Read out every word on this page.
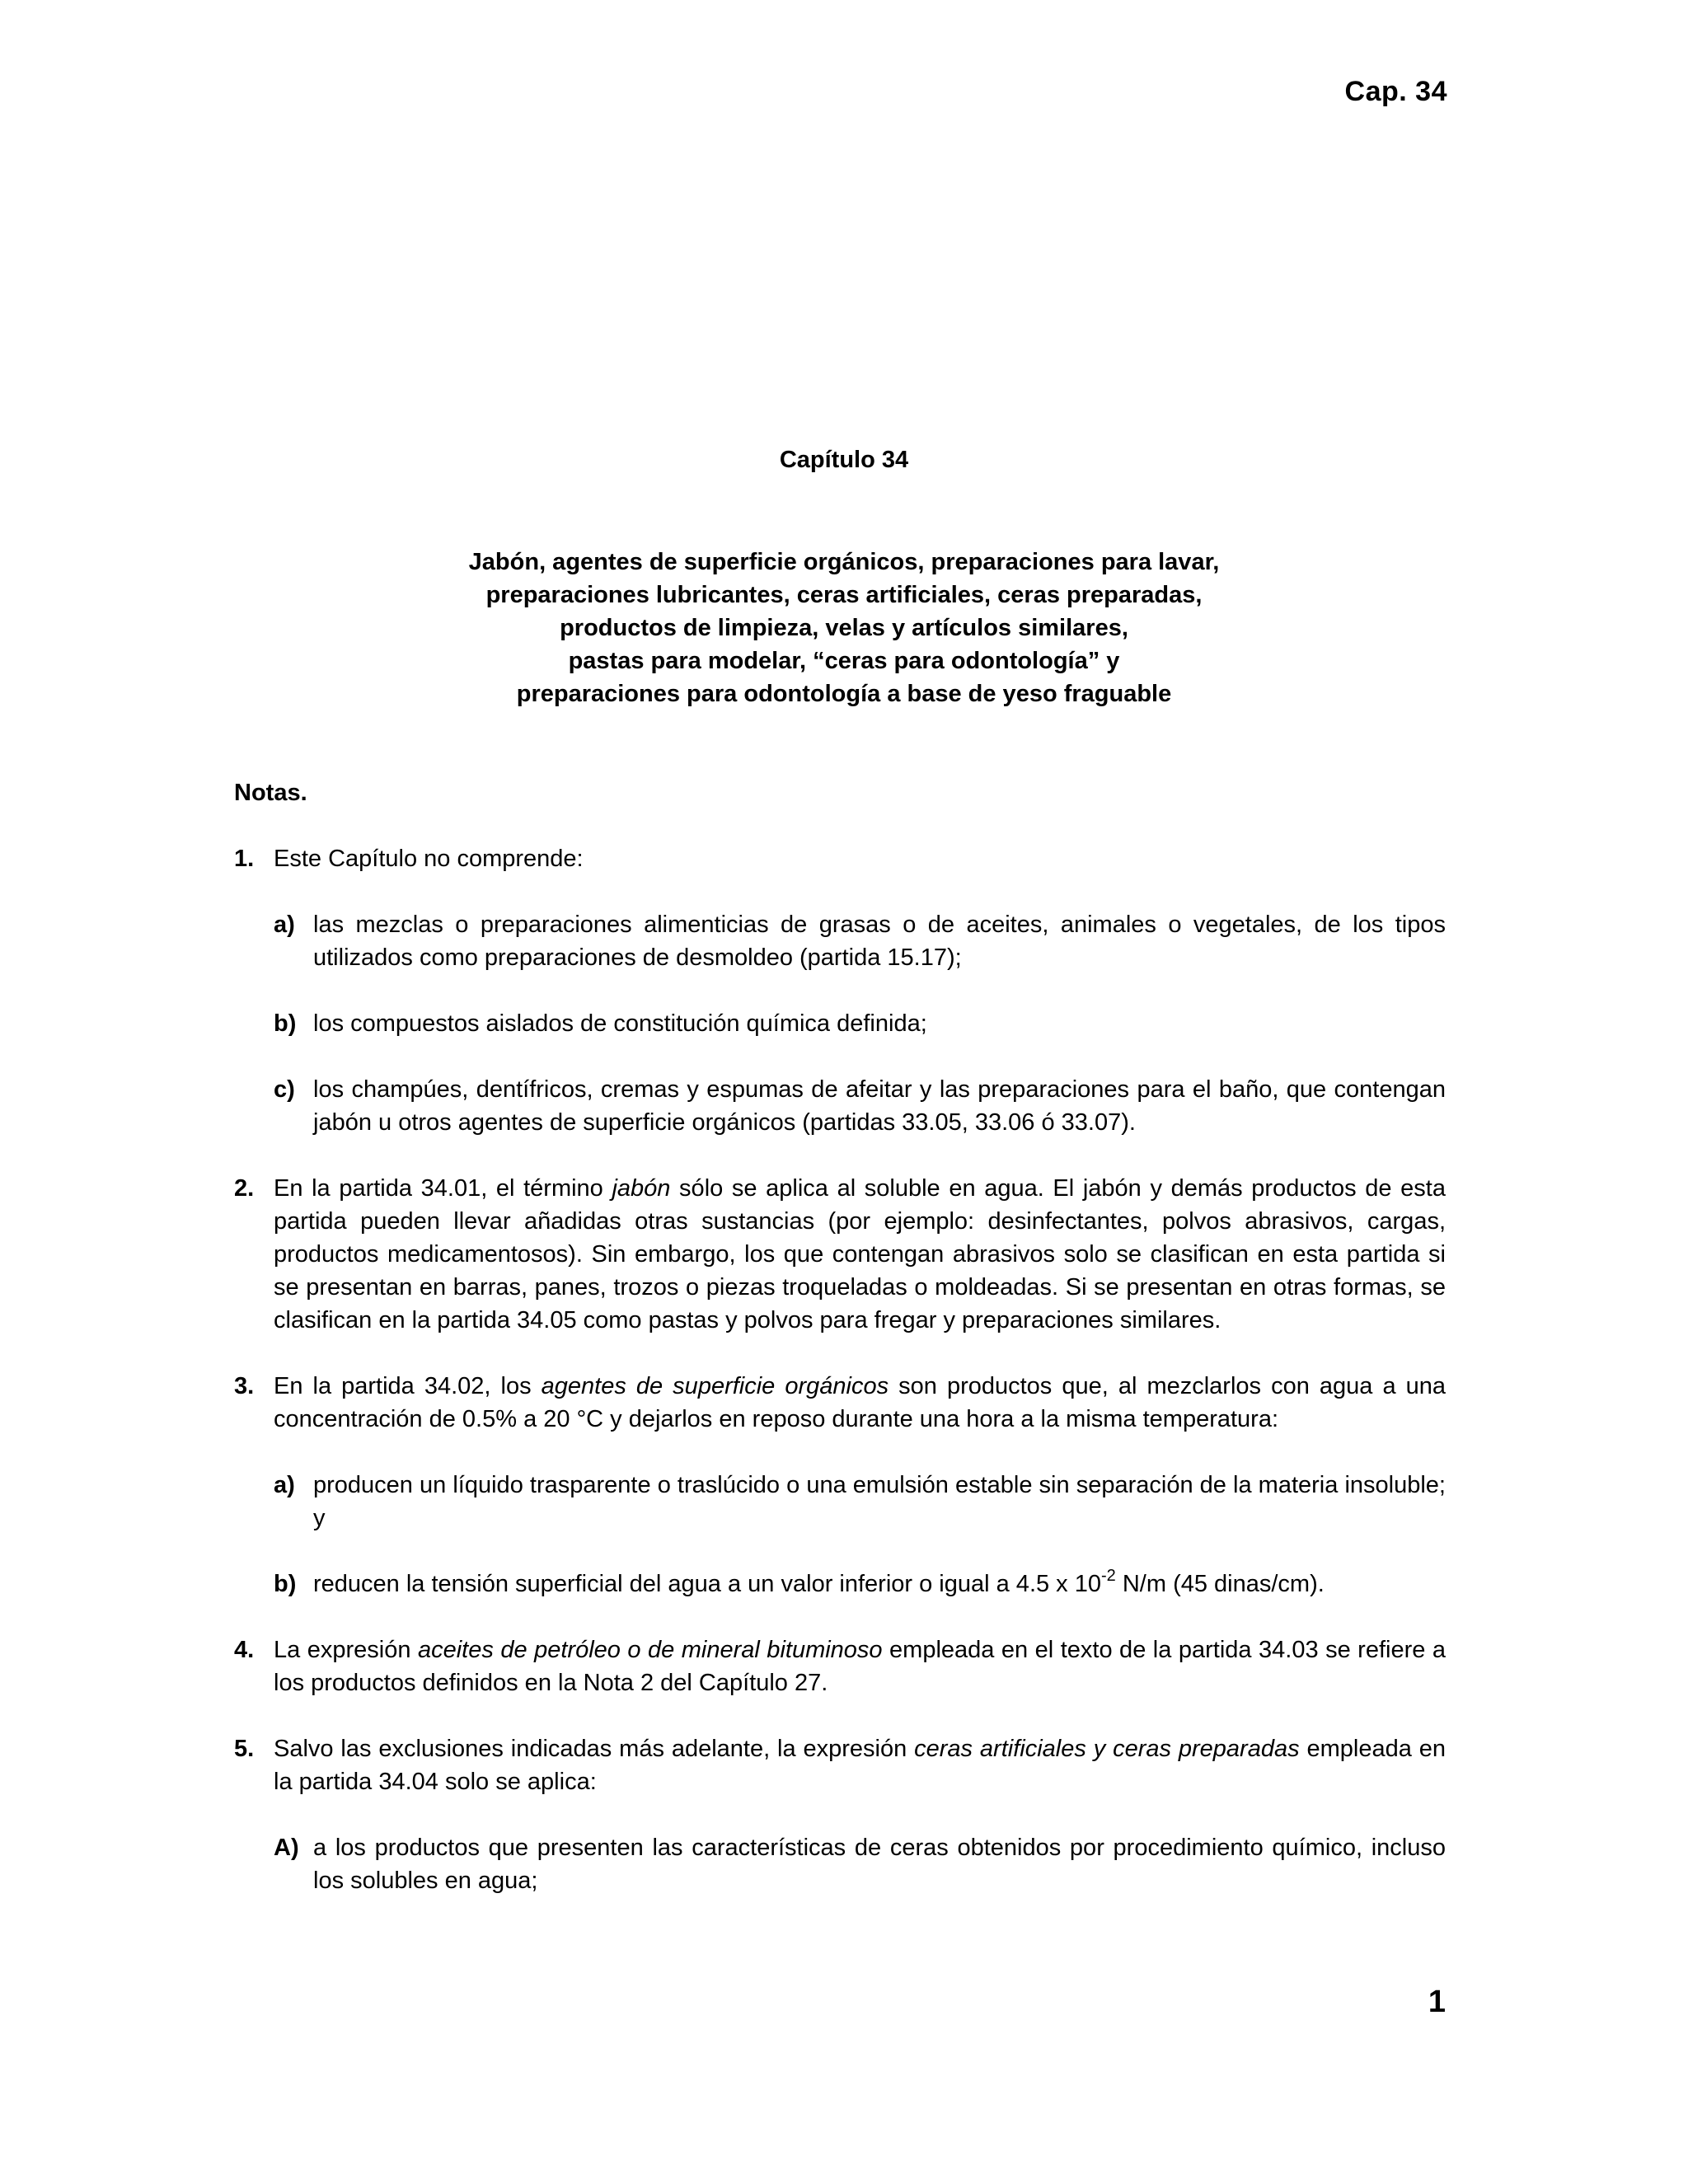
Cap. 34
Capítulo 34
Jabón, agentes de superficie orgánicos, preparaciones para lavar,
preparaciones lubricantes, ceras artificiales, ceras preparadas,
productos de limpieza, velas y artículos similares,
pastas para modelar, “ceras para odontología” y
preparaciones para odontología a base de yeso fraguable
Notas.
1. Este Capítulo no comprende:
a) las mezclas o preparaciones alimenticias de grasas o de aceites, animales o vegetales, de los tipos utilizados como preparaciones de desmoldeo (partida 15.17);
b) los compuestos aislados de constitución química definida;
c) los champúes, dentífricos, cremas y espumas de afeitar y las preparaciones para el baño, que contengan jabón u otros agentes de superficie orgánicos (partidas 33.05, 33.06 ó 33.07).
2. En la partida 34.01, el término jabón sólo se aplica al soluble en agua. El jabón y demás productos de esta partida pueden llevar añadidas otras sustancias (por ejemplo: desinfectantes, polvos abrasivos, cargas, productos medicamentosos). Sin embargo, los que contengan abrasivos solo se clasifican en esta partida si se presentan en barras, panes, trozos o piezas troqueladas o moldeadas. Si se presentan en otras formas, se clasifican en la partida 34.05 como pastas y polvos para fregar y preparaciones similares.
3. En la partida 34.02, los agentes de superficie orgánicos son productos que, al mezclarlos con agua a una concentración de 0.5% a 20 °C y dejarlos en reposo durante una hora a la misma temperatura:
a) producen un líquido trasparente o traslúcido o una emulsión estable sin separación de la materia insoluble; y
b) reducen la tensión superficial del agua a un valor inferior o igual a 4.5 x $10^{-2}$ N/m (45 dinas/cm).
4. La expresión aceites de petróleo o de mineral bituminoso empleada en el texto de la partida 34.03 se refiere a los productos definidos en la Nota 2 del Capítulo 27.
5. Salvo las exclusiones indicadas más adelante, la expresión ceras artificiales y ceras preparadas empleada en la partida 34.04 solo se aplica:
A) a los productos que presenten las características de ceras obtenidos por procedimiento químico, incluso los solubles en agua;
1
